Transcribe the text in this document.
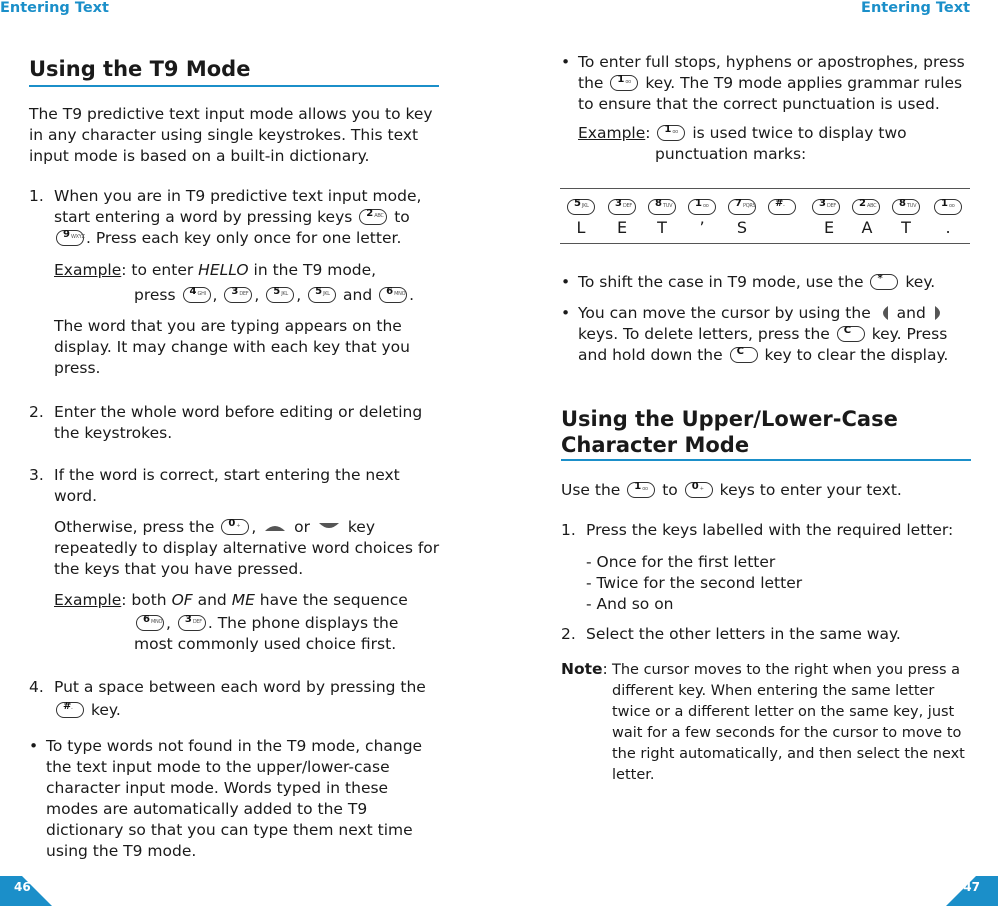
Entering Text
Using the T9 Mode
The T9 predictive text input mode allows you to key in any character using single keystrokes. This text input mode is based on a built-in dictionary.
1. When you are in T9 predictive text input mode,
start entering a word by pressing keys 2 ABC to
9 WXYZ . Press each key only once for one letter.
Example: to enter HELLO in the T9 mode,
press 4 GHI , 3 DEF , 5 JKL , 5 JKL and 6 MNO .
The word that you are typing appears on the display. It may change with each key that you press.
2. Enter the whole word before editing or deleting the keystrokes.
3. If the word is correct, start entering the next word.
Otherwise, press the 0 + ,  or key
repeatedly to display alternative word choices for the keys that you have pressed.
Example: both OF and ME have the sequence
6 MNO , 3 DEF . The phone displays the
most commonly used choice first.
4. Put a space between each word by pressing the
# - key.
• To type words not found in the T9 mode, change the text input mode to the upper/lower-case character input mode. Words typed in these modes are automatically added to the T9 dictionary so that you can type them next time using the T9 mode.
46
Entering Text
• To enter full stops, hyphens or apostrophes, press the 1 oo key. The T9 mode applies grammar rules to ensure that the correct punctuation is used.
Example: 1 oo is used twice to display two
punctuation marks:
5 JKL
L
3 DEF
E
8 TUV
T
1 oo
’
7 PQRS
S
# -	3 DEF
E
2 ABC
A
8 TUV
T
1 oo
.
• To shift the case in T9 mode, use the * key.
• You can move the cursor by using the and  keys. To delete letters, press the C key. Press and hold down the C key to clear the display.
Using the Upper/Lower-Case
Character Mode
Use the 1 oo to 0 + keys to enter your text.
1. Press the keys labelled with the required letter:
- Once for the first letter
- Twice for the second letter
- And so on
2. Select the other letters in the same way.
Note: The cursor moves to the right when you press a different key. When entering the same letter twice or a different letter on the same key, just wait for a few seconds for the cursor to move to the right automatically, and then select the next letter.
47
